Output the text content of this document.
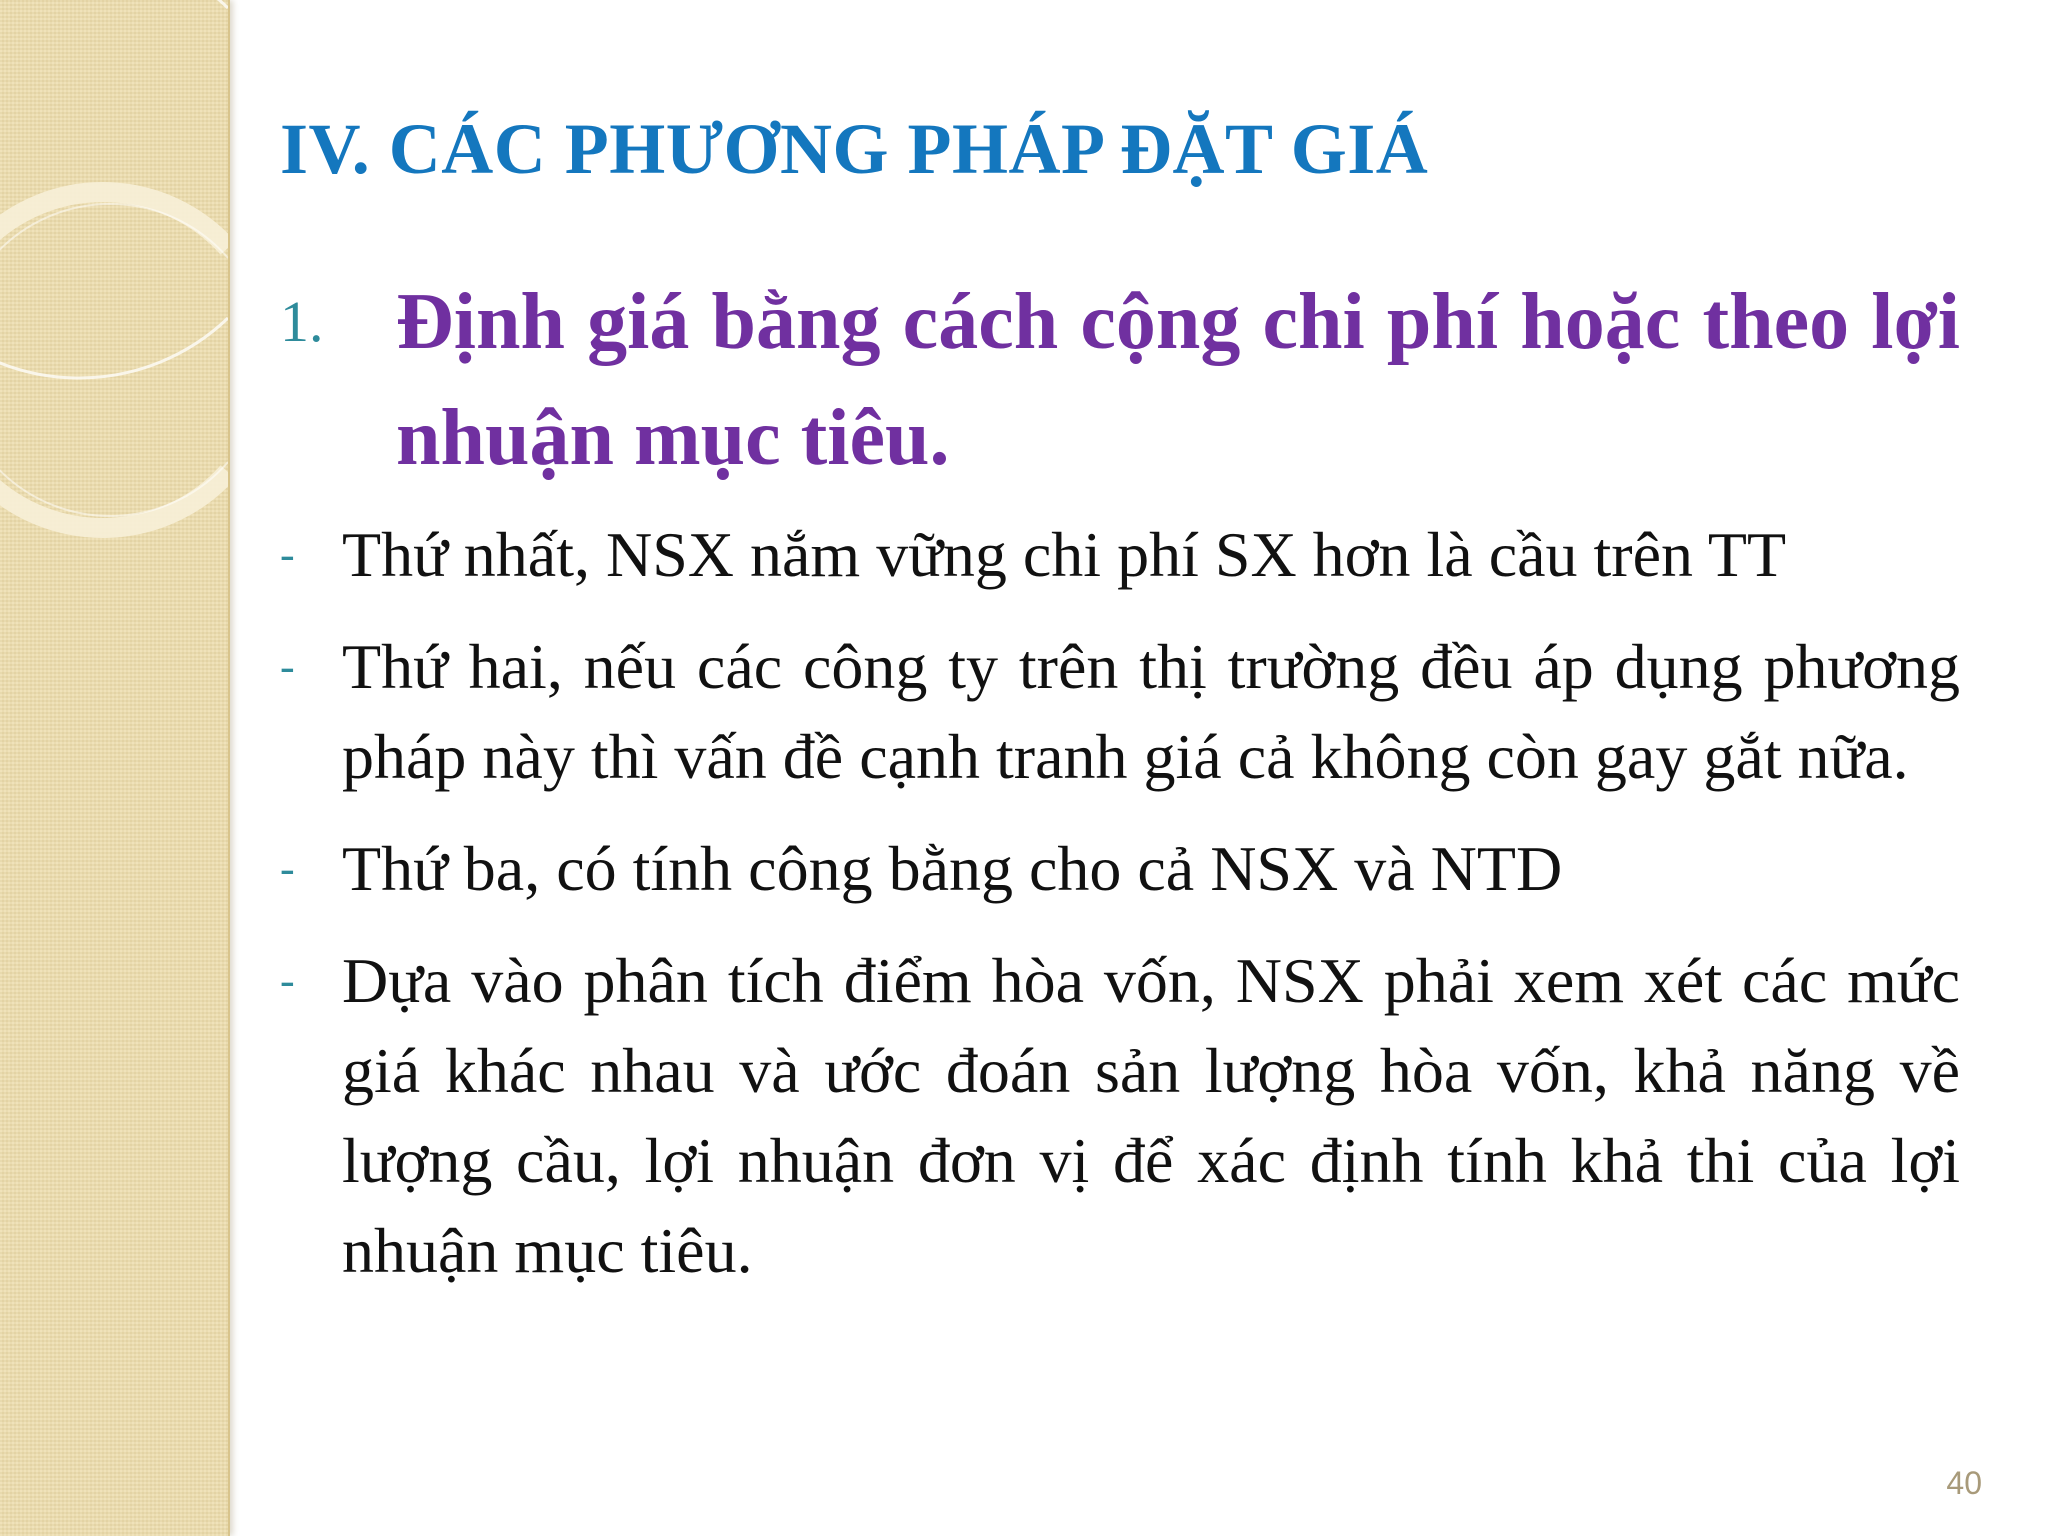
IV. CÁC PHƯƠNG PHÁP ĐẶT GIÁ
1. Định giá bằng cách cộng chi phí hoặc theo lợi nhuận mục tiêu.
- Thứ nhất, NSX nắm vững chi phí SX hơn là cầu trên TT
- Thứ hai, nếu các công ty trên thị trường đều áp dụng phương pháp này thì vấn đề cạnh tranh giá cả không còn gay gắt nữa.
- Thứ ba, có tính công bằng cho cả NSX và NTD
- Dựa vào phân tích điểm hòa vốn, NSX phải xem xét các mức giá khác nhau và ước đoán sản lượng hòa vốn, khả năng về lượng cầu, lợi nhuận đơn vị để xác định tính khả thi của lợi nhuận mục tiêu.
40
